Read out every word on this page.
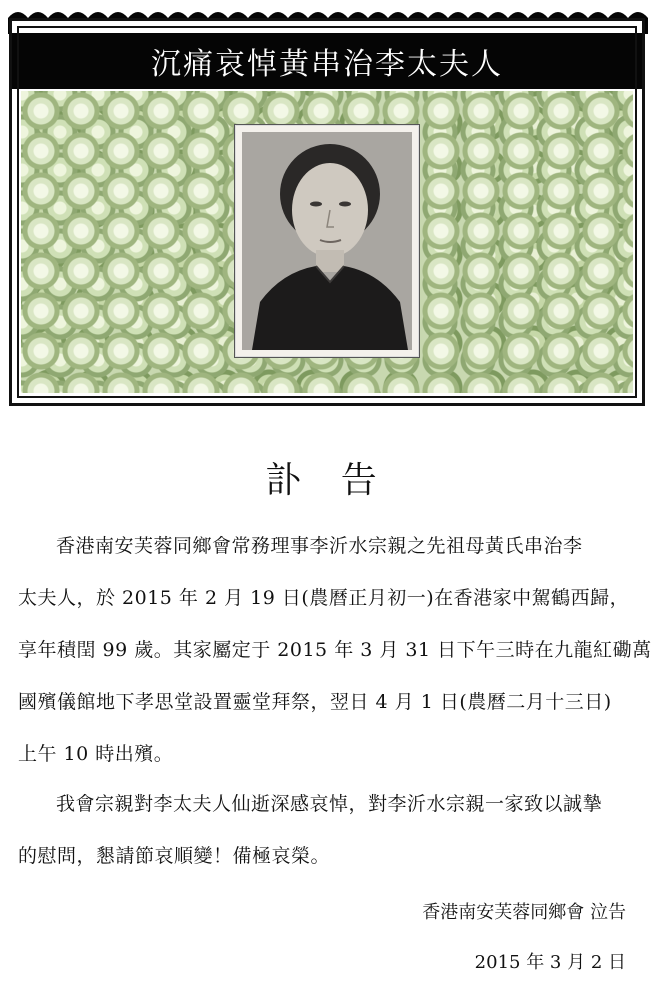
沉痛哀悼黃串治李太夫人
訃 告
香港南安芙蓉同鄉會常務理事李沂水宗親之先祖母黃氏串治李
太夫人，於 2015 年 2 月 19 日(農曆正月初一)在香港家中駕鶴西歸，
享年積閏 99 歲。其家屬定于 2015 年 3 月 31 日下午三時在九龍紅磡萬
國殯儀館地下孝思堂設置靈堂拜祭，翌日 4 月 1 日(農曆二月十三日)
上午 10 時出殯。
我會宗親對李太夫人仙逝深感哀悼，對李沂水宗親一家致以誠摯
的慰問，懇請節哀順變！備極哀榮。
香港南安芙蓉同鄉會 泣告
2015 年 3 月 2 日
